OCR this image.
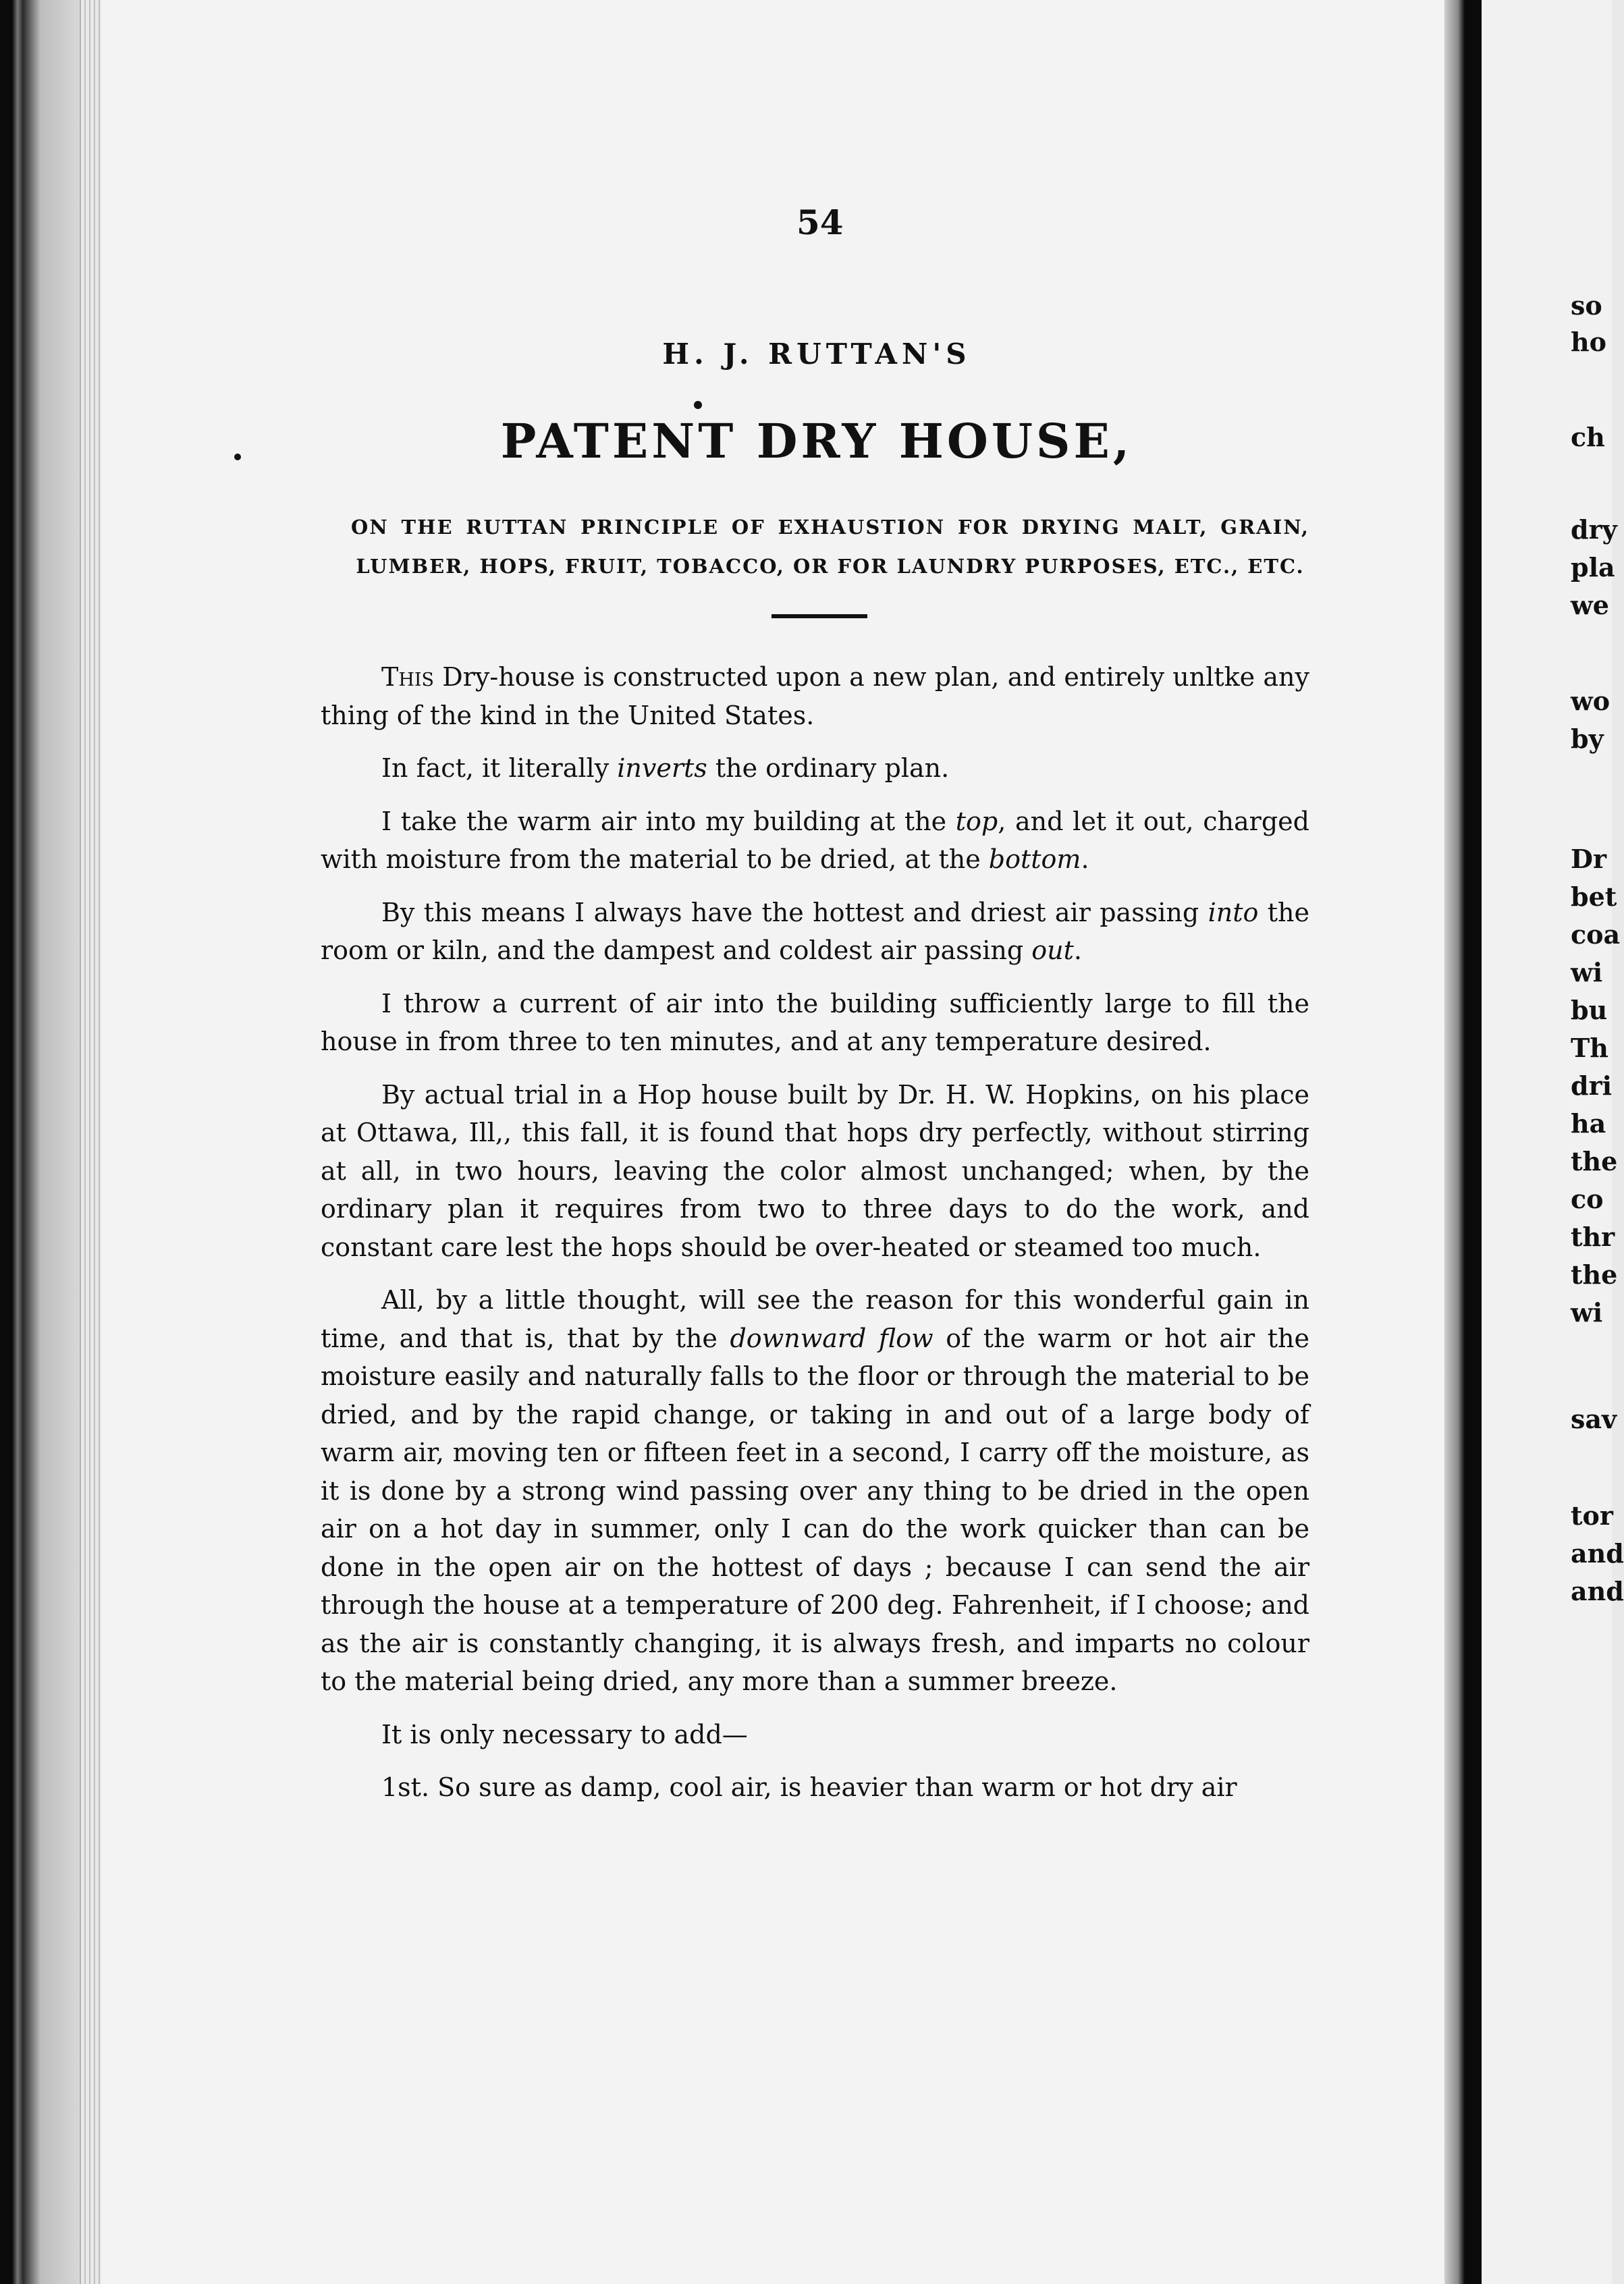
54
H. J. RUTTAN'S
PATENT DRY HOUSE,
ON THE RUTTAN PRINCIPLE OF EXHAUSTION FOR DRYING MALT, GRAIN, LUMBER, HOPS, FRUIT, TOBACCO, OR FOR LAUNDRY PURPOSES, ETC., ETC.

This Dry-house is constructed upon a new plan, and entirely unltke any thing of the kind in the United States.

In fact, it literally inverts the ordinary plan.

I take the warm air into my building at the top, and let it out, charged with moisture from the material to be dried, at the bottom.

By this means I always have the hottest and driest air passing into the room or kiln, and the dampest and coldest air passing out.

I throw a current of air into the building sufficiently large to fill the house in from three to ten minutes, and at any temperature desired.

By actual trial in a Hop house built by Dr. H. W. Hopkins, on his place at Ottawa, Ill,, this fall, it is found that hops dry perfectly, without stirring at all, in two hours, leaving the color almost unchanged; when, by the ordinary plan it requires from two to three days to do the work, and constant care lest the hops should be over-heated or steamed too much.

All, by a little thought, will see the reason for this wonderful gain in time, and that is, that by the downward flow of the warm or hot air the moisture easily and naturally falls to the floor or through the material to be dried, and by the rapid change, or taking in and out of a large body of warm air, moving ten or fifteen feet in a second, I carry off the moisture, as it is done by a strong wind passing over any thing to be dried in the open air on a hot day in summer, only I can do the work quicker than can be done in the open air on the hottest of days ; because I can send the air through the house at a temperature of 200 deg. Fahrenheit, if I choose; and as the air is constantly changing, it is always fresh, and imparts no colour to the material being dried, any more than a summer breeze.

It is only necessary to add—

1st. So sure as damp, cool air, is heavier than warm or hot dry air

so
ho
ch
dry
pla
we
wo
by
Dr
bet
coa
wi
bu
Th
dri
ha
the
co
thr
the
wi
sav
tor
and
and
